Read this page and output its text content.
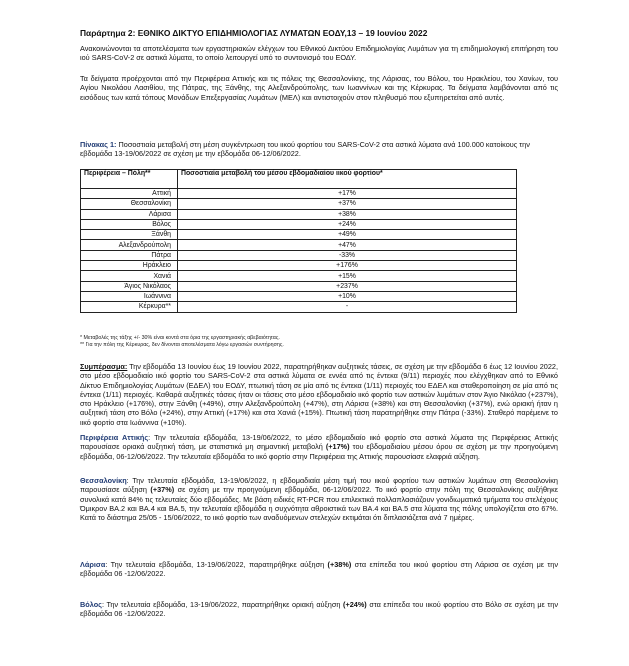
Παράρτημα 2: ΕΘΝΙΚΟ ΔΙΚΤΥΟ ΕΠΙΔΗΜΙΟΛΟΓΙΑΣ ΛΥΜΑΤΩΝ ΕΟΔΥ,13 – 19 Ιουνίου 2022

Ανακοινώνονται τα αποτελέσματα των εργαστηριακών ελέγχων του Εθνικού Δικτύου Επιδημιολογίας Λυμάτων για τη επιδημιολογική επιτήρηση του ιού SARS-CoV-2 σε αστικά λύματα, το οποίο λειτουργεί υπό το συντονισμό του ΕΟΔΥ.

Τα δείγματα προέρχονται από την Περιφέρεια Αττικής και τις πόλεις της Θεσσαλονίκης, της Λάρισας, του Βόλου, του Ηρακλείου, του Χανίων, του Αγίου Νικολάου Λασιθίου, της Πάτρας, της Ξάνθης, της Αλεξανδρούπολης, των Ιωαννίνων και της Κέρκυρας. Τα δείγματα λαμβάνονται από τις εισόδους των κατά τόπους Μονάδων Επεξεργασίας Λυμάτων (ΜΕΛ) και αντιστοιχούν στον πληθυσμό που εξυπηρετείται από αυτές.

Πίνακας 1: Ποσοστιαία μεταβολή στη μέση συγκέντρωση του ιικού φορτίου του SARS-CoV-2 στα αστικά λύματα ανά 100.000 κατοίκους την εβδομάδα 13-19/06/2022 σε σχέση με την εβδομάδα 06-12/06/2022.

Περιφέρεια – Πόλη**	Ποσοστιαία μεταβολή του μέσου εβδομαδιαίου ιικού φορτίου*
Αττική	+17%
Θεσσαλονίκη	+37%
Λάρισα	+38%
Βόλος	+24%
Ξάνθη	+49%
Αλεξανδρούπολη	+47%
Πάτρα	-33%
Ηράκλειο	+176%
Χανιά	+15%
Άγιος Νικόλαος	+237%
Ιωάννινα	+10%
Κέρκυρα**	-

* Μεταβολές της τάξης +/- 30% είναι κοντά στα όρια της εργαστηριακής αβεβαιότητας.

** Για την πόλη της Κέρκυρας, δεν δίνονται αποτελέσματα λόγω εργασιών συντήρησης.

Συμπέρασμα: Την εβδομάδα 13 Ιουνίου έως 19 Ιουνίου 2022, παρατηρήθηκαν αυξητικές τάσεις, σε σχέση με την εβδομάδα 6 έως 12 Ιουνίου 2022, στο μέσο εβδομαδιαίο ιικό φορτίο του SARS-CoV-2 στα αστικά λύματα σε εννέα από τις έντεκα (9/11) περιοχές που ελέγχθηκαν από το Εθνικό Δίκτυο Επιδημιολογίας Λυμάτων (ΕΔΕΛ) του ΕΟΔΥ, πτωτική τάση σε μία από τις έντεκα (1/11) περιοχές του ΕΔΕΛ και σταθεροποίηση σε μία από τις έντεκα (1/11) περιοχές. Καθαρά αυξητικές τάσεις ήταν οι τάσεις στο μέσο εβδομαδιαίο ιικό φορτίο των αστικών λυμάτων στον Άγιο Νικόλαο (+237%), στο Ηράκλειο (+176%), στην Ξάνθη (+49%), στην Αλεξανδρούπολη (+47%), στη Λάρισα (+38%) και στη Θεσσαλονίκη (+37%), ενώ οριακή ήταν η αυξητική τάση στο Βόλο (+24%), στην Αττική (+17%) και στα Χανιά (+15%). Πτωτική τάση παρατηρήθηκε στην Πάτρα (-33%). Σταθερό παρέμεινε το ιικό φορτίο στα Ιωάννινα (+10%).

Περιφέρεια Αττικής: Την τελευταία εβδομάδα, 13-19/06/2022, το μέσο εβδομαδιαίο ιικό φορτίο στα αστικά λύματα της Περιφέρειας Αττικής παρουσίασε οριακά αυξητική τάση, με στατιστικά μη σημαντική μεταβολή (+17%) του εβδομαδιαίου μέσου όρου σε σχέση με την προηγούμενη εβδομάδα, 06-12/06/2022. Την τελευταία εβδομάδα το ιικό φορτίο στην Περιφέρεια της Αττικής παρουσίασε ελαφριά αύξηση.

Θεσσαλονίκη: Την τελευταία εβδομάδα, 13-19/06/2022, η εβδομαδιαία μέση τιμή του ιικού φορτίου των αστικών λυμάτων στη Θεσσαλονίκη παρουσίασε αύξηση (+37%) σε σχέση με την προηγούμενη εβδομάδα, 06-12/06/2022. Το ιικό φορτίο στην πόλη της Θεσσαλονίκης αυξήθηκε συνολικά κατά 84% τις τελευταίες δύο εβδομάδες. Με βάση ειδικές RT-PCR που επιλεκτικά πολλαπλασιάζουν γονιδιωματικά τμήματα του στελέχους Όμικρον ΒΑ.2 και ΒΑ.4 και ΒΑ.5, την τελευταία εβδομάδα η συχνότητα αθροιστικά των ΒΑ.4 και ΒΑ.5 στα λύματα της πόλης υπολογίζεται στο 67%. Κατά το διάστημα 25/05 - 15/06/2022, το ιικό φορτίο των αναδυόμενων στελεχών εκτιμάται ότι διπλασιάζεται ανά 7 ημέρες.

Λάρισα: Την τελευταία εβδομάδα, 13-19/06/2022, παρατηρήθηκε αύξηση (+38%) στα επίπεδα του ιικού φορτίου στη Λάρισα σε σχέση με την εβδομάδα 06 -12/06/2022.

Βόλος: Την τελευταία εβδομάδα, 13-19/06/2022, παρατηρήθηκε οριακή αύξηση (+24%) στα επίπεδα του ιικού φορτίου στο Βόλο σε σχέση με την εβδομάδα 06 -12/06/2022.
